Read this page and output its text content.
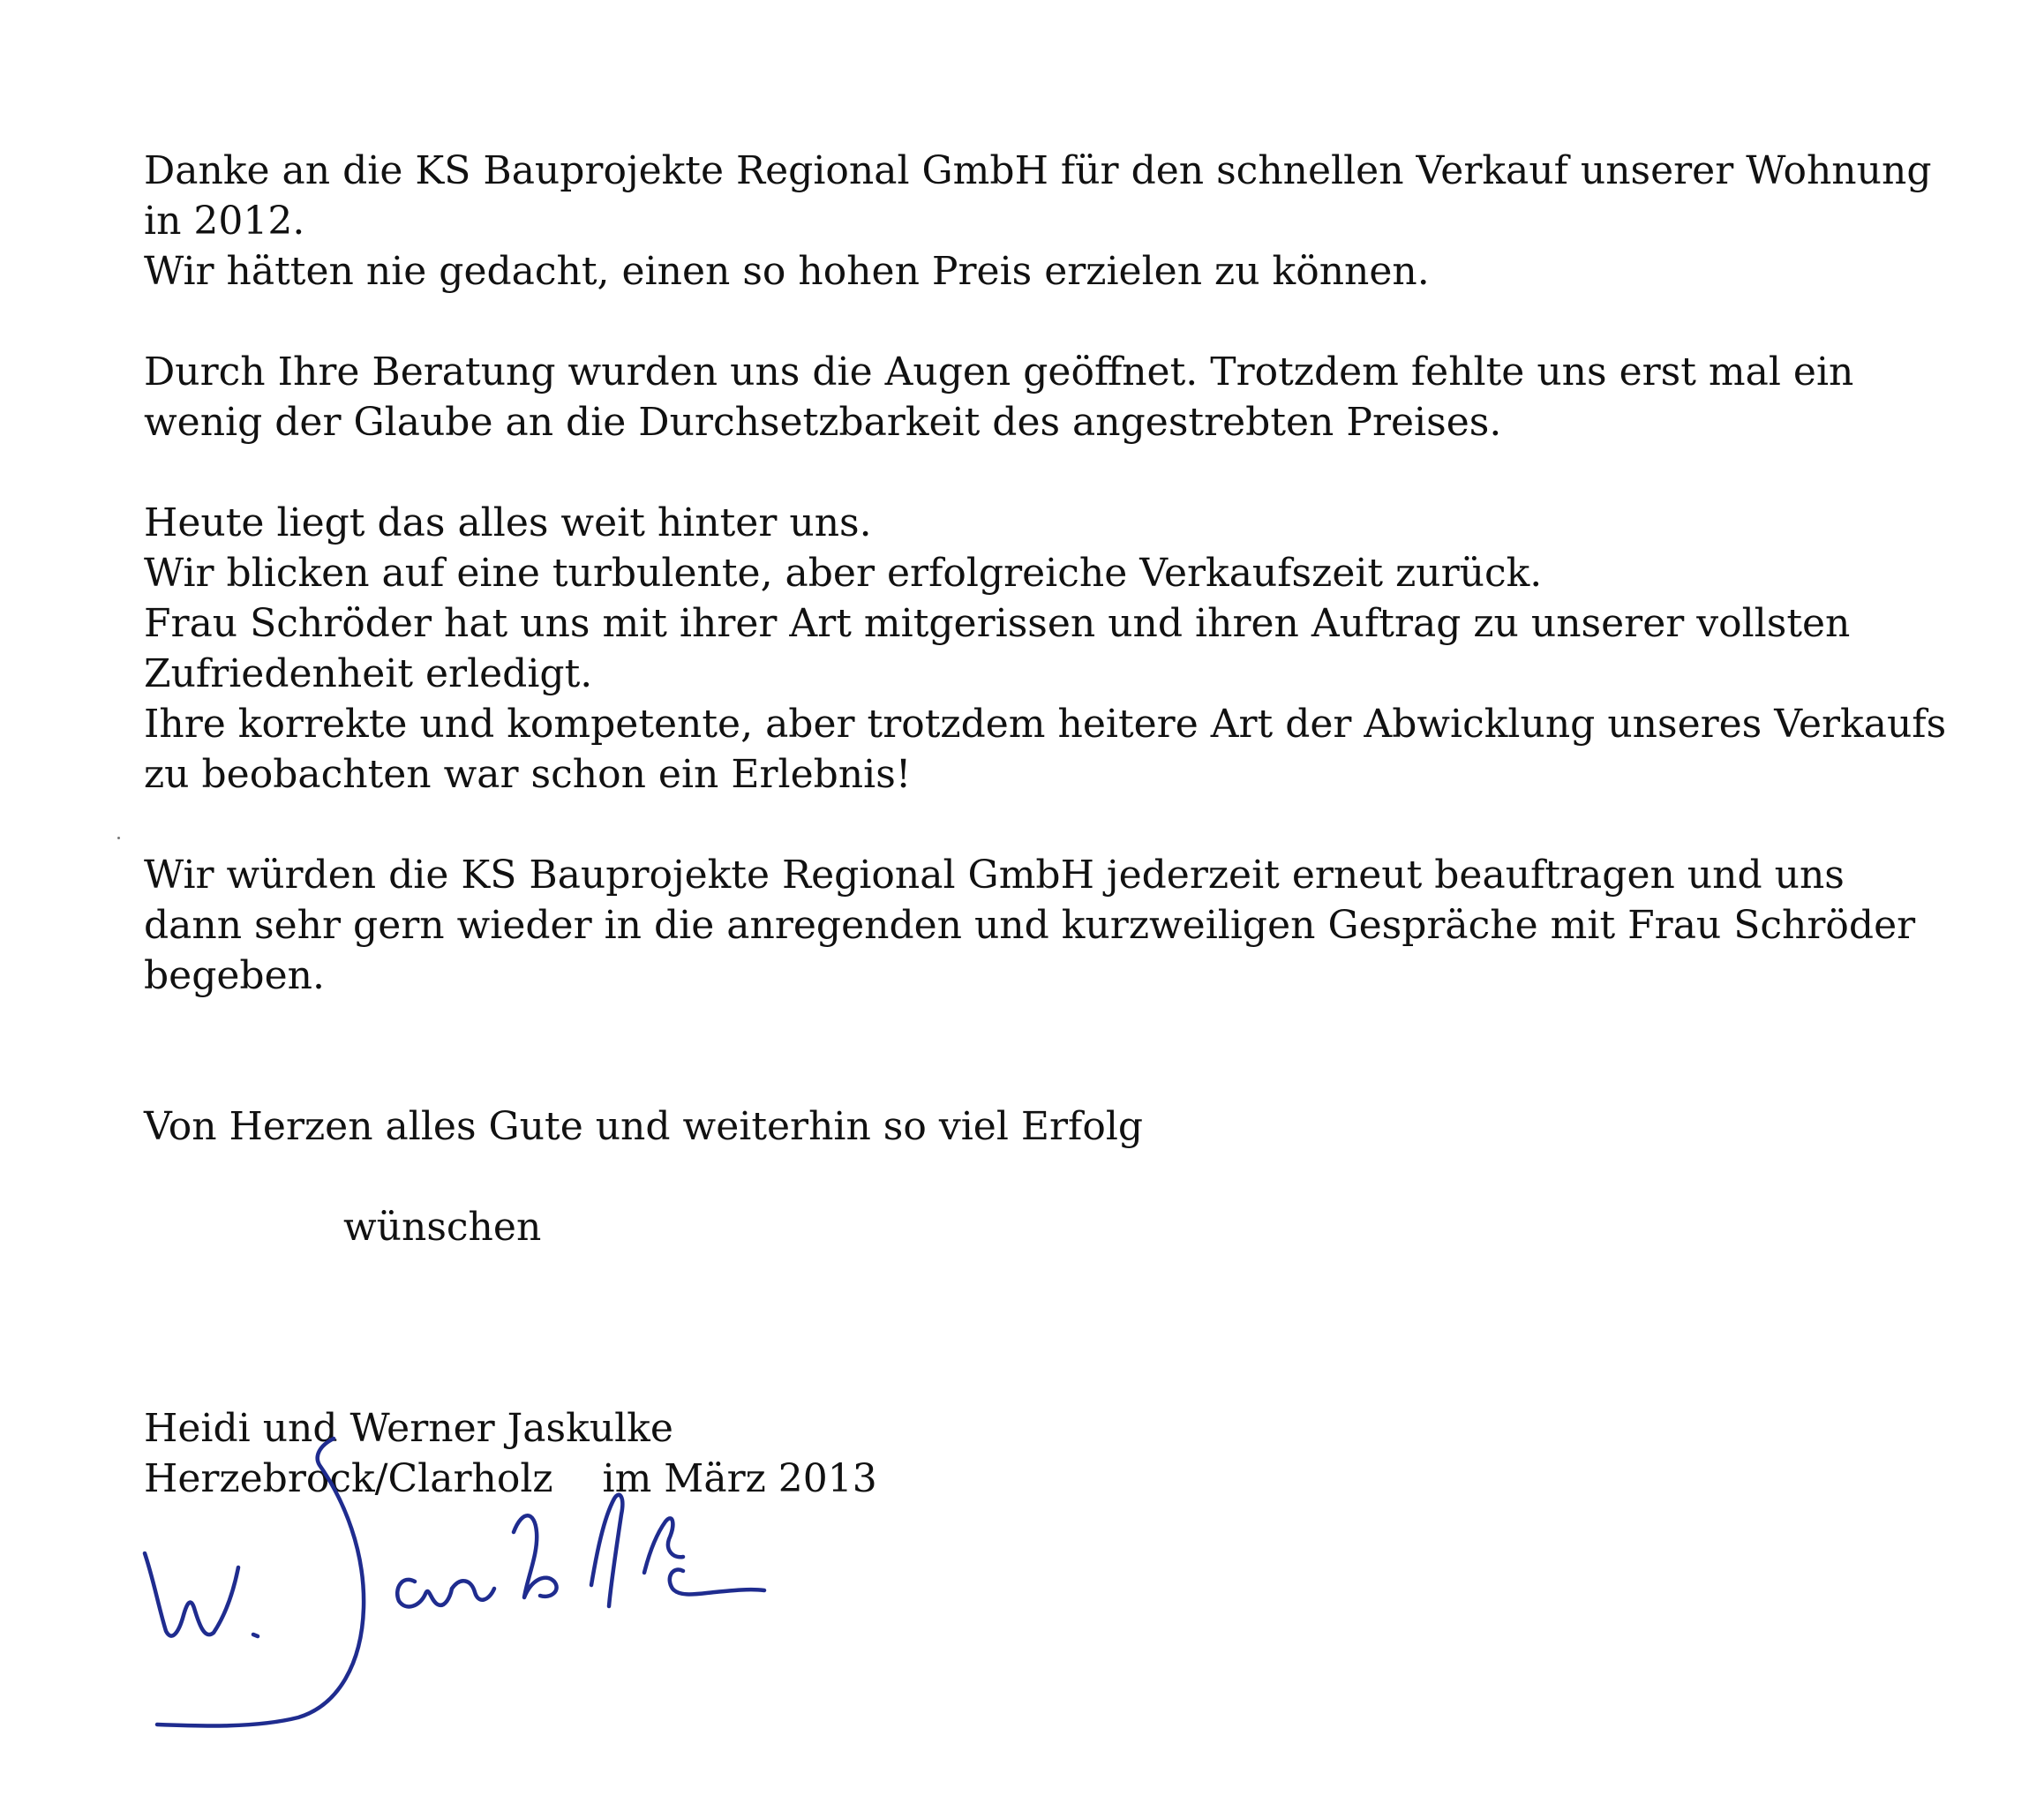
Danke an die KS Bauprojekte Regional GmbH für den schnellen Verkauf unserer Wohnung
in 2012.
Wir hätten nie gedacht, einen so hohen Preis erzielen zu können.
Durch Ihre Beratung wurden uns die Augen geöffnet. Trotzdem fehlte uns erst mal ein
wenig der Glaube an die Durchsetzbarkeit des angestrebten Preises.
Heute liegt das alles weit hinter uns.
Wir blicken auf eine turbulente, aber erfolgreiche Verkaufszeit zurück.
Frau Schröder hat uns mit ihrer Art mitgerissen und ihren Auftrag zu unserer vollsten
Zufriedenheit erledigt.
Ihre korrekte und kompetente, aber trotzdem heitere Art der Abwicklung unseres Verkaufs
zu beobachten war schon ein Erlebnis!
Wir würden die KS Bauprojekte Regional GmbH jederzeit erneut beauftragen und uns
dann sehr gern wieder in die anregenden und kurzweiligen Gespräche mit Frau Schröder
begeben.
Von Herzen alles Gute und weiterhin so viel Erfolg
wünschen
Heidi und Werner Jaskulke
Herzebrock/Clarholz    im März 2013
